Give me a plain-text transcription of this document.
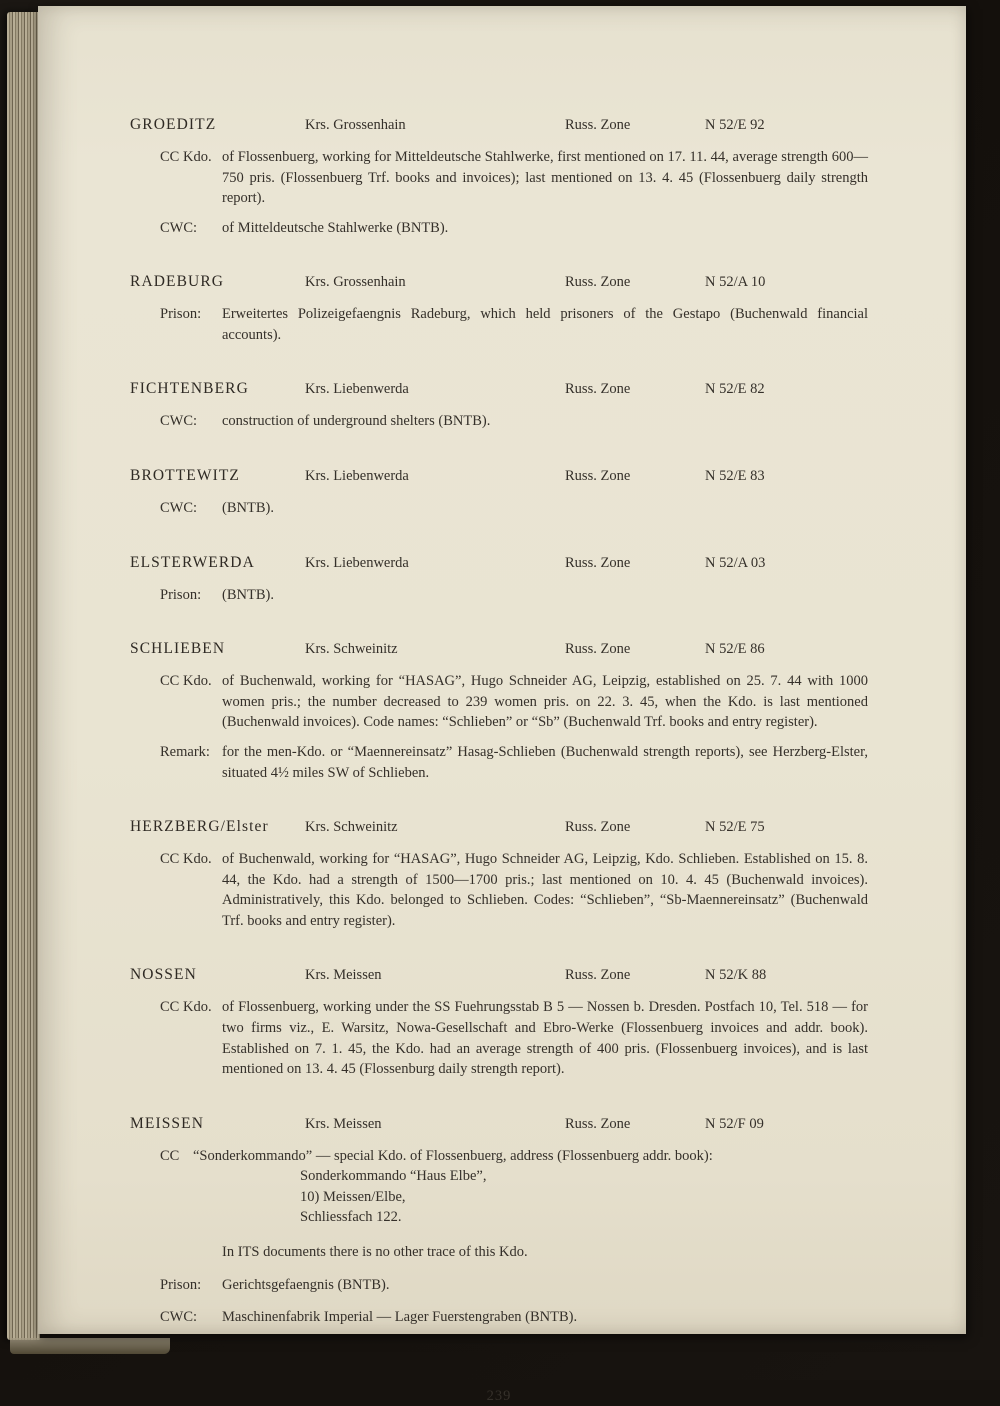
GROEDITZ	Krs. Grossenhain	Russ. Zone	N 52/E 92
CC Kdo. of Flossenbuerg, working for Mitteldeutsche Stahlwerke, first mentioned on 17. 11. 44, average strength 600—750 pris. (Flossenbuerg Trf. books and invoices); last mentioned on 13. 4. 45 (Flossenbuerg daily strength report).

CWC:	of Mitteldeutsche Stahlwerke (BNTB).

RADEBURG	Krs. Grossenhain	Russ. Zone	N 52/A 10
Prison:	Erweitertes Polizeigefaengnis Radeburg, which held prisoners of the Gestapo (Buchenwald financial accounts).

FICHTENBERG	Krs. Liebenwerda	Russ. Zone	N 52/E 82
CWC:	construction of underground shelters (BNTB).

BROTTEWITZ	Krs. Liebenwerda	Russ. Zone	N 52/E 83
CWC:	(BNTB).

ELSTERWERDA	Krs. Liebenwerda	Russ. Zone	N 52/A 03
Prison:	(BNTB).

SCHLIEBEN	Krs. Schweinitz	Russ. Zone	N 52/E 86
CC Kdo. of Buchenwald, working for “HASAG”, Hugo Schneider AG, Leipzig, established on 25. 7. 44 with 1000 women pris.; the number decreased to 239 women pris. on 22. 3. 45, when the Kdo. is last mentioned (Buchenwald invoices). Code names: “Schlieben” or “Sb” (Buchenwald Trf. books and entry register).

Remark: for the men-Kdo. or “Maennereinsatz” Hasag-Schlieben (Buchenwald strength reports), see Herzberg-Elster, situated 4½ miles SW of Schlieben.

HERZBERG/Elster	Krs. Schweinitz	Russ. Zone	N 52/E 75
CC Kdo. of Buchenwald, working for “HASAG”, Hugo Schneider AG, Leipzig, Kdo. Schlieben. Established on 15. 8. 44, the Kdo. had a strength of 1500—1700 pris.; last mentioned on 10. 4. 45 (Buchenwald invoices). Administratively, this Kdo. belonged to Schlieben. Codes: “Schlieben”, “Sb-Maennereinsatz” (Buchenwald Trf. books and entry register).

NOSSEN	Krs. Meissen	Russ. Zone	N 52/K 88
CC Kdo. of Flossenbuerg, working under the SS Fuehrungsstab B 5 — Nossen b. Dresden. Postfach 10, Tel. 518 — for two firms viz., E. Warsitz, Nowa-Gesellschaft and Ebro-Werke (Flossenbuerg invoices and addr. book). Established on 7. 1. 45, the Kdo. had an average strength of 400 pris. (Flossenbuerg invoices), and is last mentioned on 13. 4. 45 (Flossenburg daily strength report).

MEISSEN	Krs. Meissen	Russ. Zone	N 52/F 09
CC “Sonderkommando” — special Kdo. of Flossenbuerg, address (Flossenbuerg addr. book):

Sonderkommando “Haus Elbe”,
10) Meissen/Elbe,
Schliessfach 122.

In ITS documents there is no other trace of this Kdo.

Prison:	Gerichtsgefaengnis (BNTB).

CWC:	Maschinenfabrik Imperial — Lager Fuerstengraben (BNTB).

239
